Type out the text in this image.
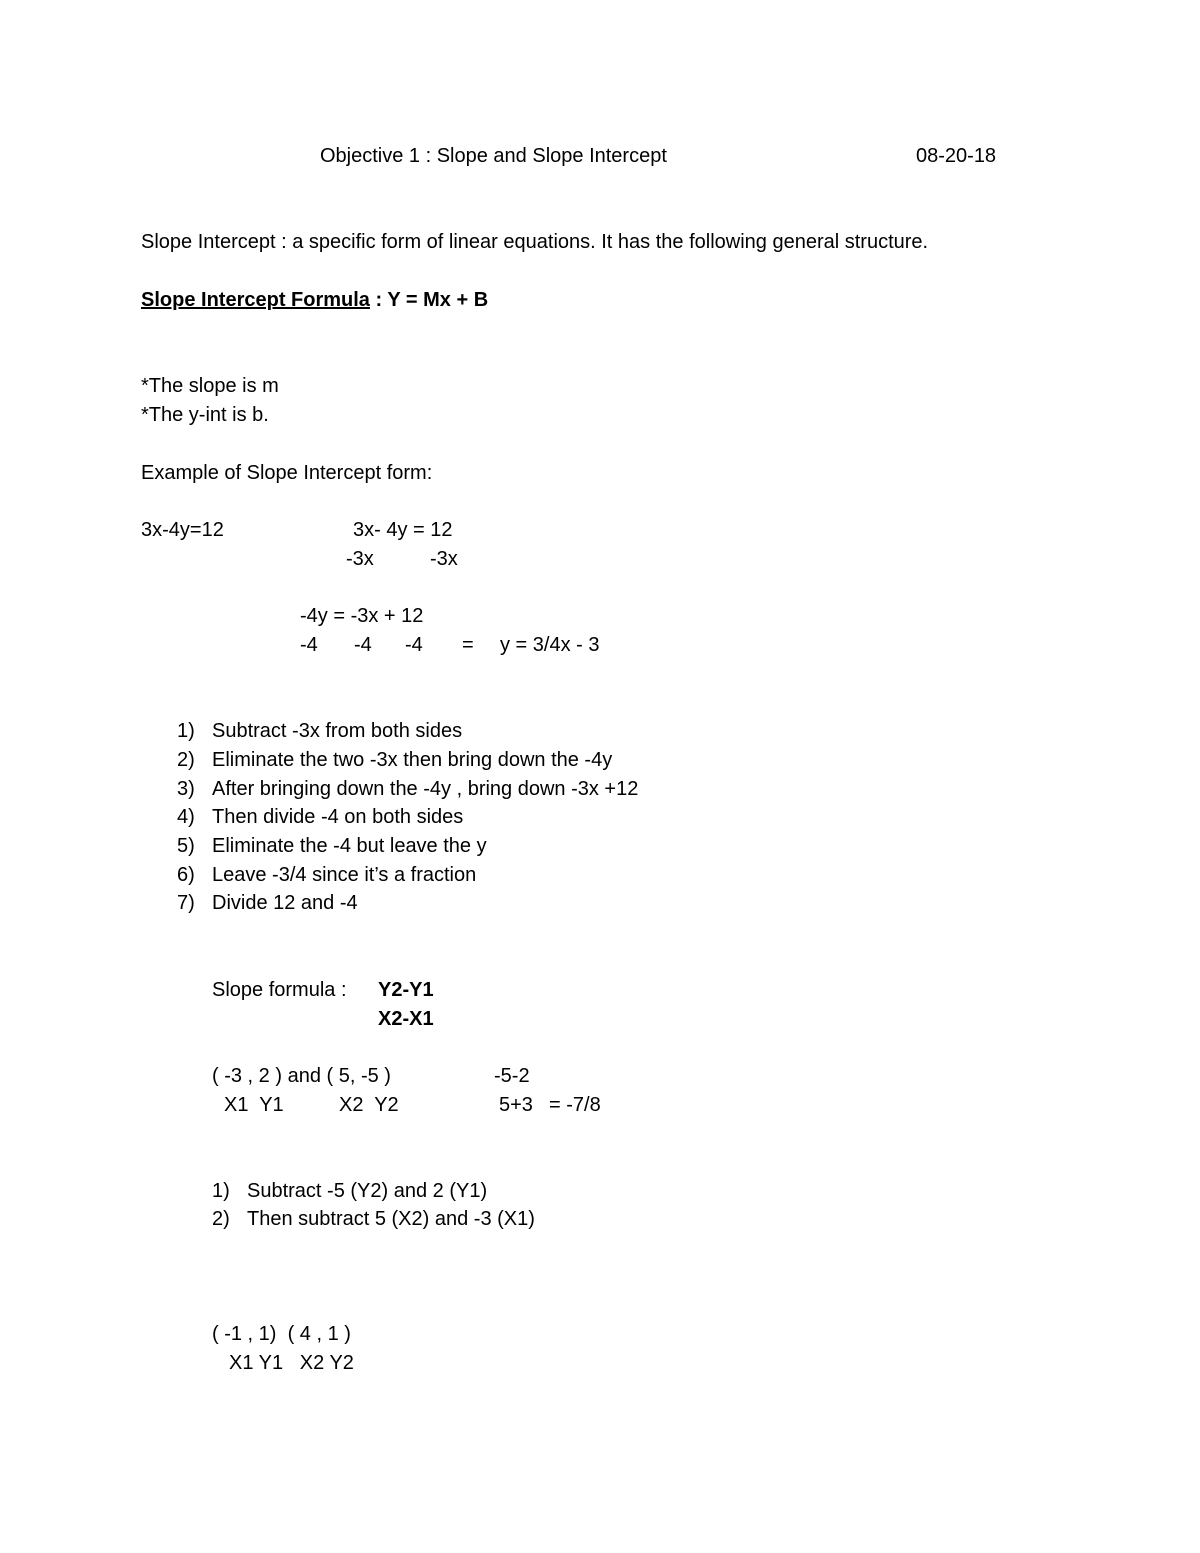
Objective 1 : Slope and Slope Intercept	08-20-18
Slope Intercept : a specific form of linear equations. It has the following general structure.
Slope Intercept Formula : Y = Mx + B
*The slope is m
*The y-int is b.
Example of Slope Intercept form:
3x-4y=12	3x- 4y = 12
-3x	-3x
-4y = -3x + 12
-4 -4 -4 = y = 3/4x - 3
1) Subtract -3x from both sides
2) Eliminate the two -3x then bring down the -4y
3) After bringing down the -4y , bring down -3x +12
4) Then divide -4 on both sides
5) Eliminate the -4 but leave the y
6) Leave -3/4 since it’s a fraction
7) Divide 12 and -4
Slope formula : Y2-Y1
X2-X1
( -3 , 2 ) and ( 5, -5 )	-5-2
X1  Y1	X2  Y2	5+3 = -7/8
1) Subtract -5 (Y2) and 2 (Y1)
2) Then subtract 5 (X2) and -3 (X1)
( -1 , 1)  ( 4 , 1 )
X1 Y1   X2 Y2
